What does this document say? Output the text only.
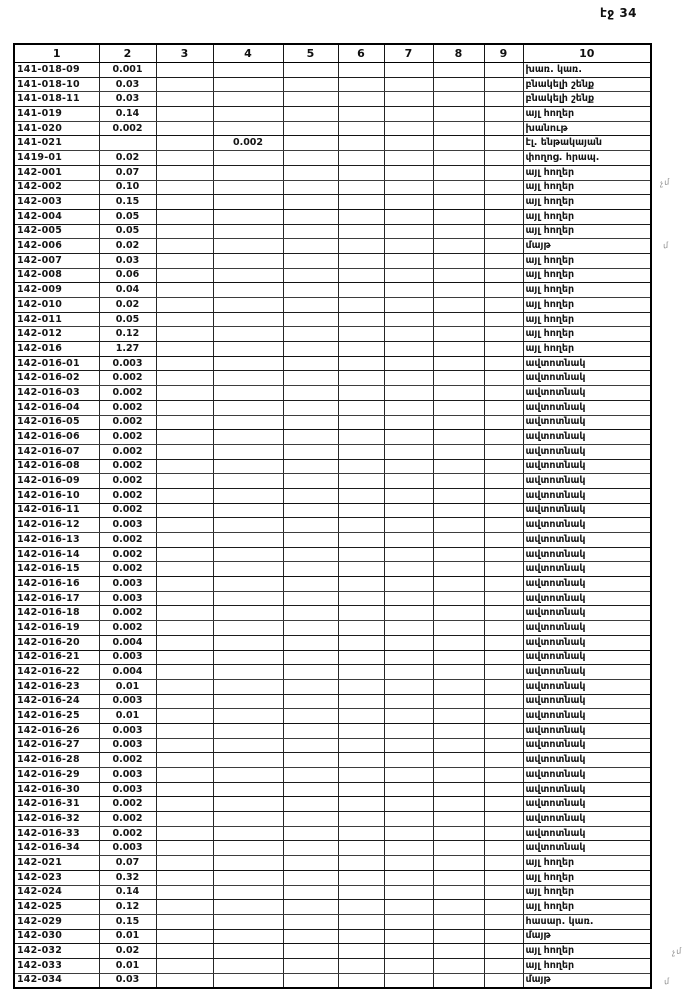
էջ 34
1	2	3	4	5	6	7	8	9	10
141-018-09	0.001								խառ. կառ.
141-018-10	0.03								բնակելի շենք
141-018-11	0.03								բնակելի շենք
141-019	0.14								այլ հողեր
141-020	0.002								խանութ
141-021			0.002						էլ. ենթակայան
1419-01	0.02								փողոց. հրապ.
142-001	0.07								այլ հողեր
142-002	0.10								այլ հողեր
142-003	0.15								այլ հողեր
142-004	0.05								այլ հողեր
142-005	0.05								այլ հողեր
142-006	0.02								մայթ
142-007	0.03								այլ հողեր
142-008	0.06								այլ հողեր
142-009	0.04								այլ հողեր
142-010	0.02								այլ հողեր
142-011	0.05								այլ հողեր
142-012	0.12								այլ հողեր
142-016	1.27								այլ հողեր
142-016-01	0.003								ավտոտնակ
142-016-02	0.002								ավտոտնակ
142-016-03	0.002								ավտոտնակ
142-016-04	0.002								ավտոտնակ
142-016-05	0.002								ավտոտնակ
142-016-06	0.002								ավտոտնակ
142-016-07	0.002								ավտոտնակ
142-016-08	0.002								ավտոտնակ
142-016-09	0.002								ավտոտնակ
142-016-10	0.002								ավտոտնակ
142-016-11	0.002								ավտոտնակ
142-016-12	0.003								ավտոտնակ
142-016-13	0.002								ավտոտնակ
142-016-14	0.002								ավտոտնակ
142-016-15	0.002								ավտոտնակ
142-016-16	0.003								ավտոտնակ
142-016-17	0.003								ավտոտնակ
142-016-18	0.002								ավտոտնակ
142-016-19	0.002								ավտոտնակ
142-016-20	0.004								ավտոտնակ
142-016-21	0.003								ավտոտնակ
142-016-22	0.004								ավտոտնակ
142-016-23	0.01								ավտոտնակ
142-016-24	0.003								ավտոտնակ
142-016-25	0.01								ավտոտնակ
142-016-26	0.003								ավտոտնակ
142-016-27	0.003								ավտոտնակ
142-016-28	0.002								ավտոտնակ
142-016-29	0.003								ավտոտնակ
142-016-30	0.003								ավտոտնակ
142-016-31	0.002								ավտոտնակ
142-016-32	0.002								ավտոտնակ
142-016-33	0.002								ավտոտնակ
142-016-34	0.003								ավտոտնակ
142-021	0.07								այլ հողեր
142-023	0.32								այլ հողեր
142-024	0.14								այլ հողեր
142-025	0.12								այլ հողեր
142-029	0.15								հասար. կառ.
142-030	0.01								մայթ
142-032	0.02								այլ հողեր
142-033	0.01								այլ հողեր
142-034	0.03								մայթ
չմ
մ
չմ
մ
